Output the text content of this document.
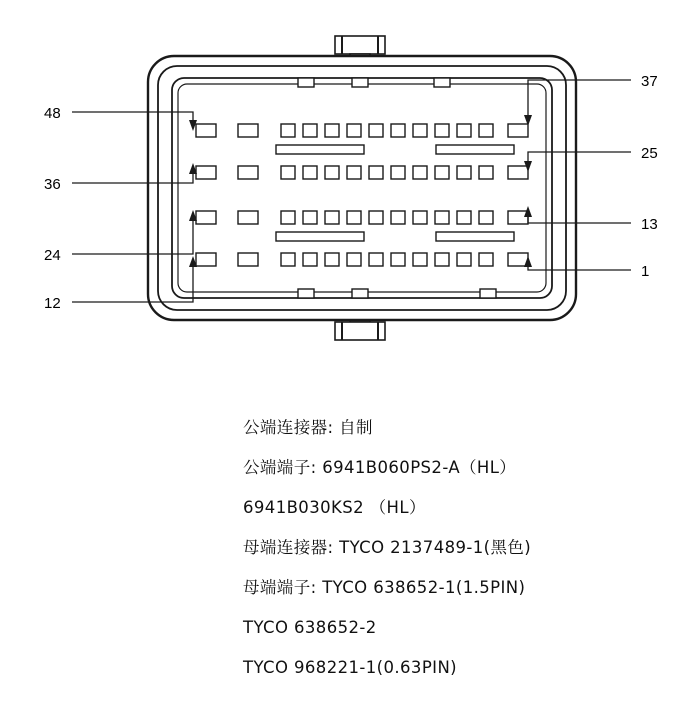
48
36
24
12
37
25
13
1
公端连接器: 自制
公端端子: 6941B060PS2-A（HL）
6941B030KS2 （HL）
母端连接器: TYCO 2137489-1(黑色)
母端端子: TYCO 638652-1(1.5PIN)
TYCO 638652-2
TYCO 968221-1(0.63PIN)
